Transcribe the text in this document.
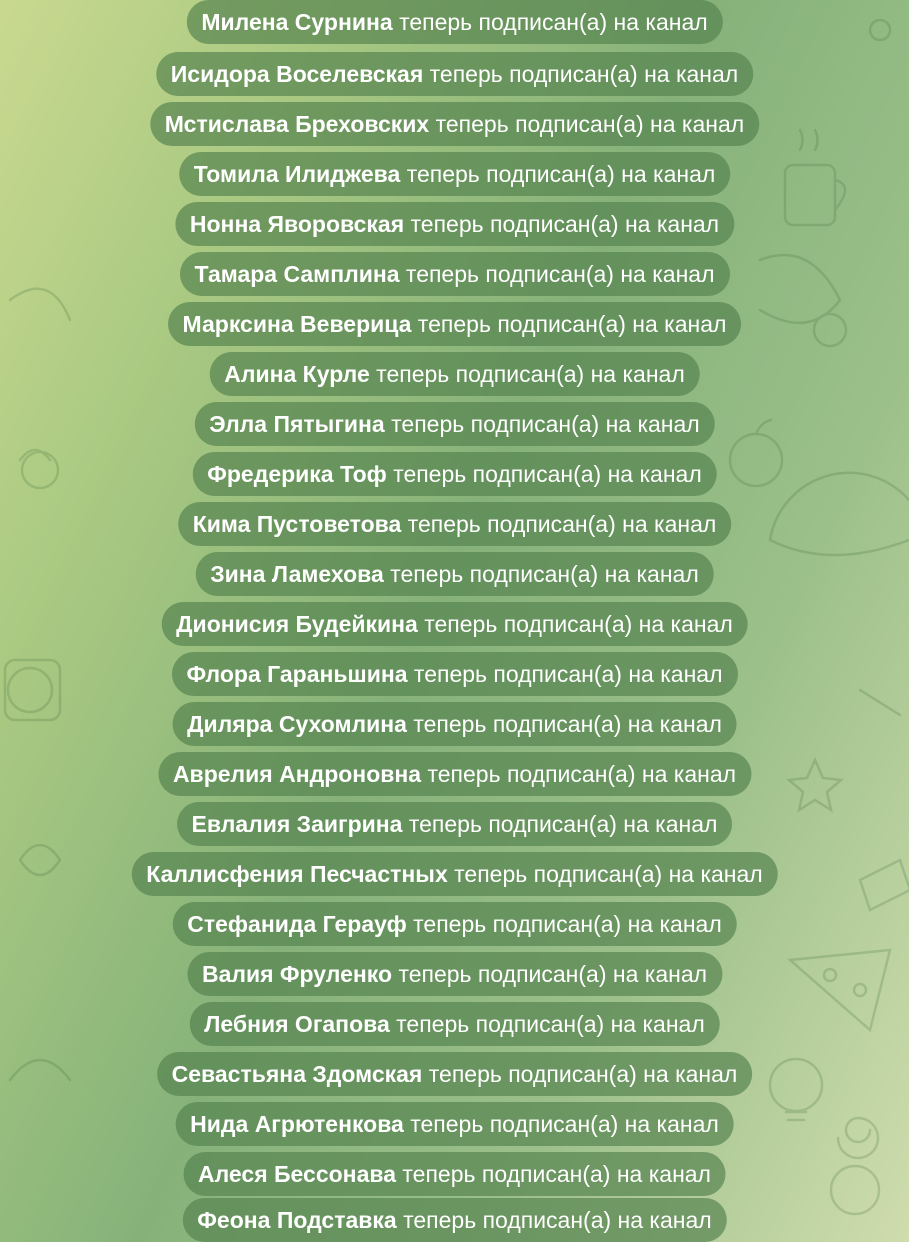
Милена Сурнина теперь подписан(а) на канал
Исидора Воселевская теперь подписан(а) на канал
Мстислава Бреховских теперь подписан(а) на канал
Томила Илиджева теперь подписан(а) на канал
Нонна Яворовская теперь подписан(а) на канал
Тамара Самплина теперь подписан(а) на канал
Марксина Веверица теперь подписан(а) на канал
Алина Курле теперь подписан(а) на канал
Элла Пятыгина теперь подписан(а) на канал
Фредерика Тоф теперь подписан(а) на канал
Кима Пустоветова теперь подписан(а) на канал
Зина Ламехова теперь подписан(а) на канал
Дионисия Будейкина теперь подписан(а) на канал
Флора Гараньшина теперь подписан(а) на канал
Диляра Сухомлина теперь подписан(а) на канал
Аврелия Андроновна теперь подписан(а) на канал
Евлалия Заигрина теперь подписан(а) на канал
Каллисфения Песчастных теперь подписан(а) на канал
Стефанида Герауф теперь подписан(а) на канал
Валия Фруленко теперь подписан(а) на канал
Лебния Огапова теперь подписан(а) на канал
Севастьяна Здомская теперь подписан(а) на канал
Нида Агрютенкова теперь подписан(а) на канал
Алеся Бессонава теперь подписан(а) на канал
Феона Подставка теперь подписан(а) на канал
